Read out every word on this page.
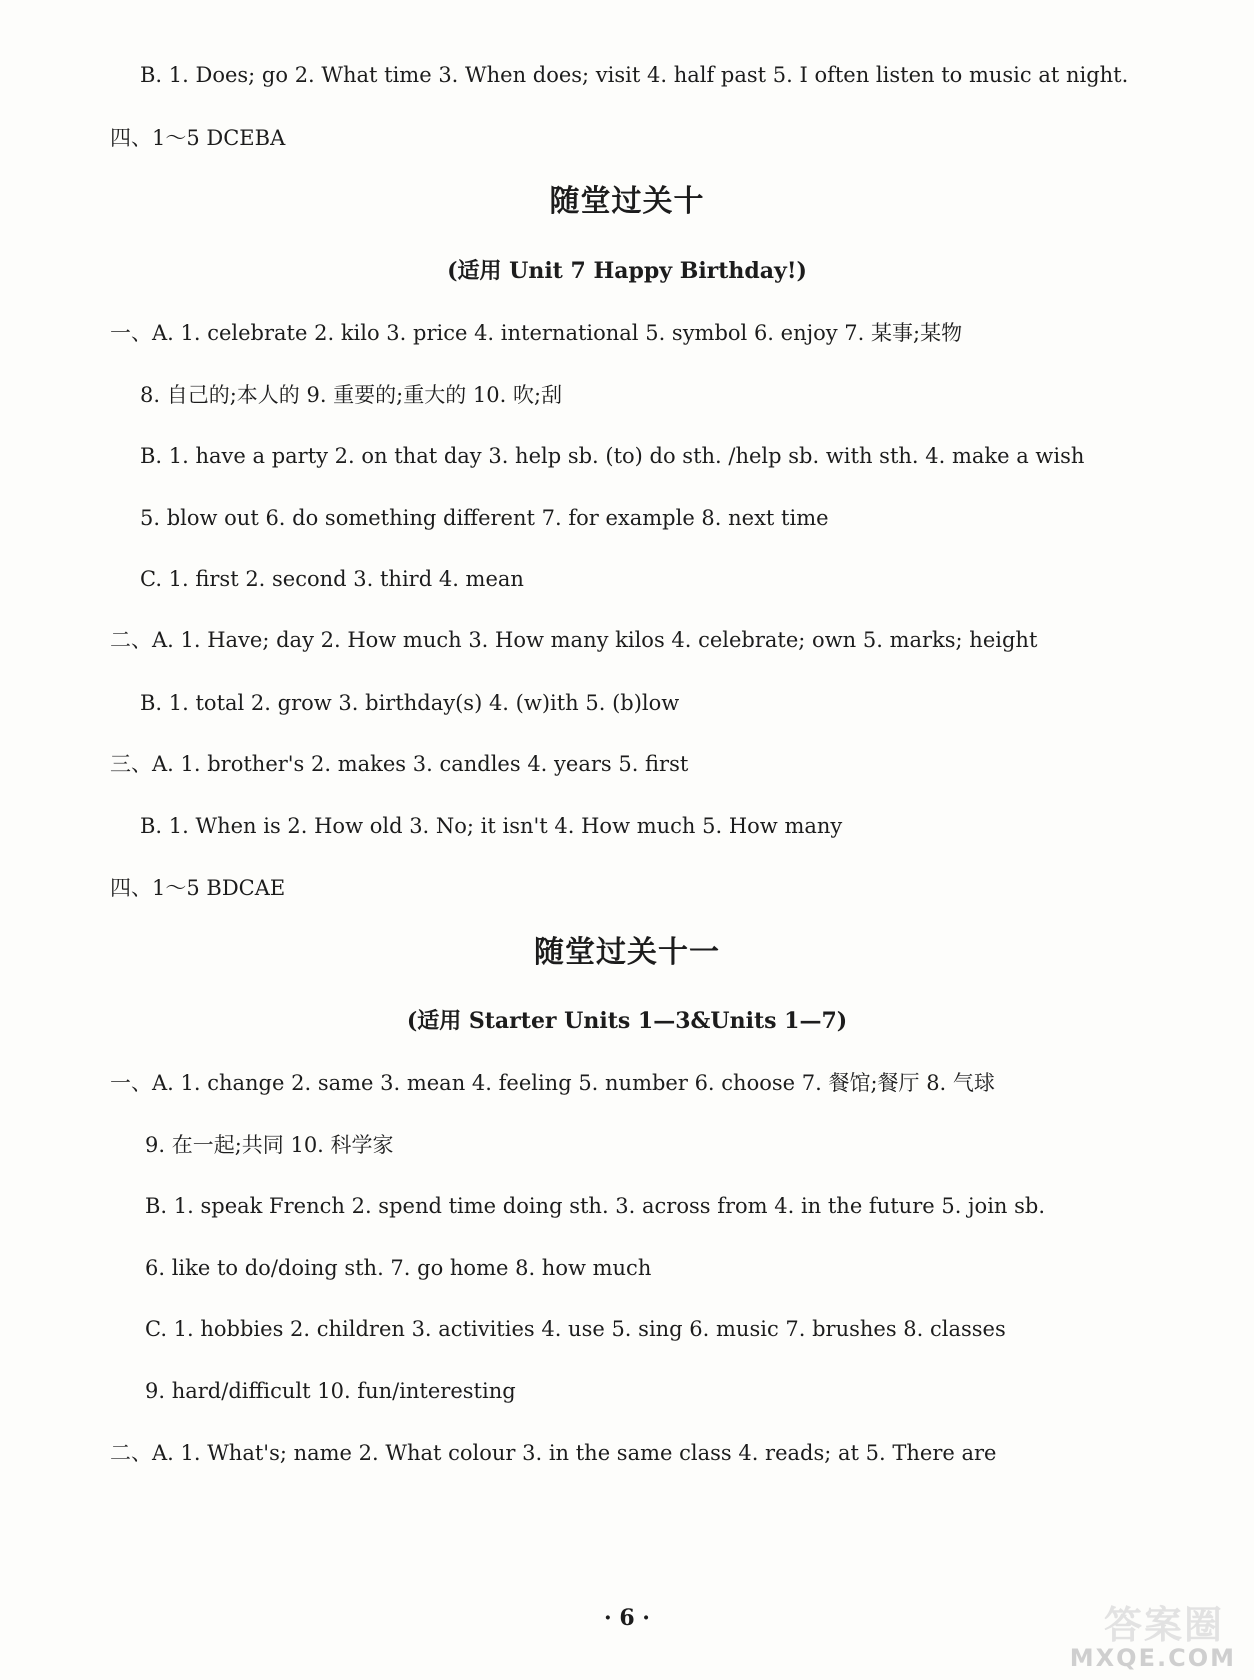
B. 1. Does; go 2. What time 3. When does; visit 4. half past 5. I often listen to music at night.
四、1～5 DCEBA
随堂过关十
(适用 Unit 7 Happy Birthday!)
一、A. 1. celebrate 2. kilo 3. price 4. international 5. symbol 6. enjoy 7. 某事;某物
8. 自己的;本人的 9. 重要的;重大的 10. 吹;刮
B. 1. have a party 2. on that day 3. help sb. (to) do sth. /help sb. with sth. 4. make a wish
5. blow out 6. do something different 7. for example 8. next time
C. 1. first 2. second 3. third 4. mean
二、A. 1. Have; day 2. How much 3. How many kilos 4. celebrate; own 5. marks; height
B. 1. total 2. grow 3. birthday(s) 4. (w)ith 5. (b)low
三、A. 1. brother's 2. makes 3. candles 4. years 5. first
B. 1. When is 2. How old 3. No; it isn't 4. How much 5. How many
四、1～5 BDCAE
随堂过关十一
(适用 Starter Units 1—3&Units 1—7)
一、A. 1. change 2. same 3. mean 4. feeling 5. number 6. choose 7. 餐馆;餐厅 8. 气球
9. 在一起;共同 10. 科学家
B. 1. speak French 2. spend time doing sth. 3. across from 4. in the future 5. join sb.
6. like to do/doing sth. 7. go home 8. how much
C. 1. hobbies 2. children 3. activities 4. use 5. sing 6. music 7. brushes 8. classes
9. hard/difficult 10. fun/interesting
二、A. 1. What's; name 2. What colour 3. in the same class 4. reads; at 5. There are
· 6 ·	答案圈
MXQE.COM
